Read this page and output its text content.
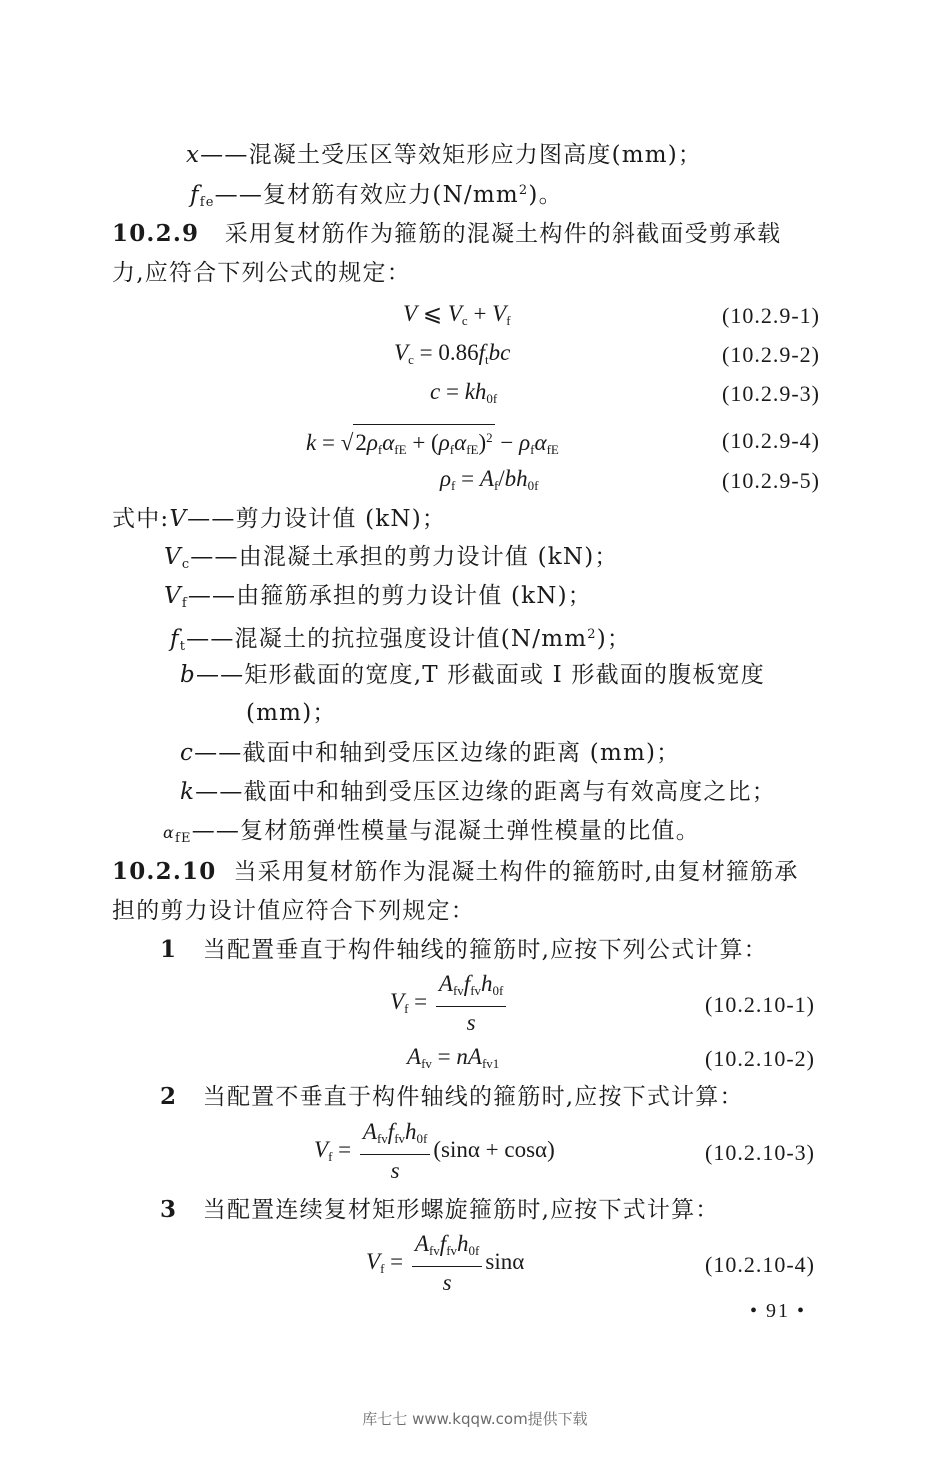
x——混凝土受压区等效矩形应力图高度(mm)；
$f_{fe}——$复材筋有效应力$(N/mm^2)$。
10.2.9 采用复材筋作为箍筋的混凝土构件的斜截面受剪承载
力,应符合下列公式的规定：
V ⩽ $V_c + V_f$	(10.2.9-1)
$V_c = 0.86f_tbc$	(10.2.9-2)
$c = kh_{0f}$	(10.2.9-3)
$k = √2\rho_f\alpha_{fE} + (\rho_f\alpha_{fE})^2 - \rho_f\alpha_{fE}$	(10.2.9-4)
$\rho_f = A_f/bh_{0f}$	(10.2.9-5)
式中:V——剪力设计值 (kN)；
$V_c——$由混凝土承担的剪力设计值 (kN)；
$V_f——$由箍筋承担的剪力设计值 (kN)；
$f_t——$混凝土的抗拉强度设计值$(N/mm^2)$；
b——矩形截面的宽度,T 形截面或 I 形截面的腹板宽度
(mm)；
c——截面中和轴到受压区边缘的距离 (mm)；
k——截面中和轴到受压区边缘的距离与有效高度之比；
$\alpha_{fE}——$复材筋弹性模量与混凝土弹性模量的比值。
10.2.10 当采用复材筋作为混凝土构件的箍筋时,由复材箍筋承
担的剪力设计值应符合下列规定：
1 当配置垂直于构件轴线的箍筋时,应按下列公式计算：
$V_f = \frac{A_{fv}f_{fv}h_{0f}}{s}$	(10.2.10-1)
$A_{fv} = nA_{fv1}$	(10.2.10-2)
2 当配置不垂直于构件轴线的箍筋时,应按下式计算：
$V_f = \frac{A_{fv}f_{fv}h_{0f}}{s} (\sin\alpha + \cos\alpha)$	(10.2.10-3)
3 当配置连续复材矩形螺旋箍筋时,应按下式计算：
$V_f = \frac{A_{fv}f_{fv}h_{0f}}{s}$ sinα	(10.2.10-4)
• 91 •
库七七 www.kqqw.com提供下载
